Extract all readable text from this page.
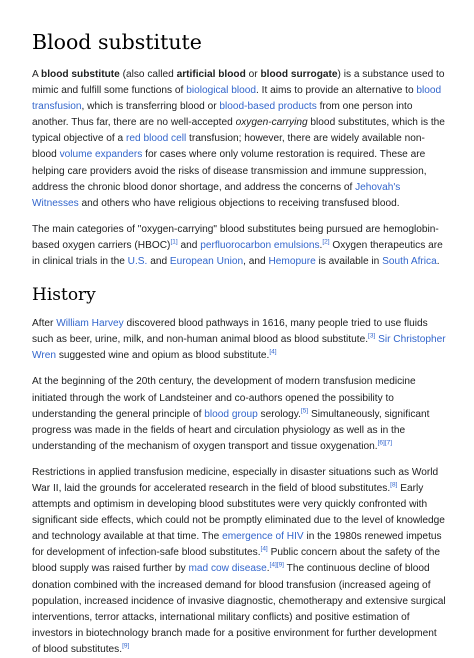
Blood substitute

A blood substitute (also called artificial blood or blood surrogate) is a substance used to mimic and fulfill some functions of biological blood. It aims to provide an alternative to blood transfusion, which is transferring blood or blood-based products from one person into another. Thus far, there are no well-accepted oxygen-carrying blood substitutes, which is the typical objective of a red blood cell transfusion; however, there are widely available non-blood volume expanders for cases where only volume restoration is required. These are helping care providers avoid the risks of disease transmission and immune suppression, address the chronic blood donor shortage, and address the concerns of Jehovah's Witnesses and others who have religious objections to receiving transfused blood.

The main categories of "oxygen-carrying" blood substitutes being pursued are hemoglobin-based oxygen carriers (HBOC)[1] and perfluorocarbon emulsions.[2] Oxygen therapeutics are in clinical trials in the U.S. and European Union, and Hemopure is available in South Africa.

History

After William Harvey discovered blood pathways in 1616, many people tried to use fluids such as beer, urine, milk, and non-human animal blood as blood substitute.[3] Sir Christopher Wren suggested wine and opium as blood substitute.[4]

At the beginning of the 20th century, the development of modern transfusion medicine initiated through the work of Landsteiner and co-authors opened the possibility to understanding the general principle of blood group serology.[5] Simultaneously, significant progress was made in the fields of heart and circulation physiology as well as in the understanding of the mechanism of oxygen transport and tissue oxygenation.[6][7]

Restrictions in applied transfusion medicine, especially in disaster situations such as World War II, laid the grounds for accelerated research in the field of blood substitutes.[8] Early attempts and optimism in developing blood substitutes were very quickly confronted with significant side effects, which could not be promptly eliminated due to the level of knowledge and technology available at that time. The emergence of HIV in the 1980s renewed impetus for development of infection-safe blood substitutes.[4] Public concern about the safety of the blood supply was raised further by mad cow disease.[4][9] The continuous decline of blood donation combined with the increased demand for blood transfusion (increased ageing of population, increased incidence of invasive diagnostic, chemotherapy and extensive surgical interventions, terror attacks, international military conflicts) and positive estimation of investors in biotechnology branch made for a positive environment for further development of blood substitutes.[9]
